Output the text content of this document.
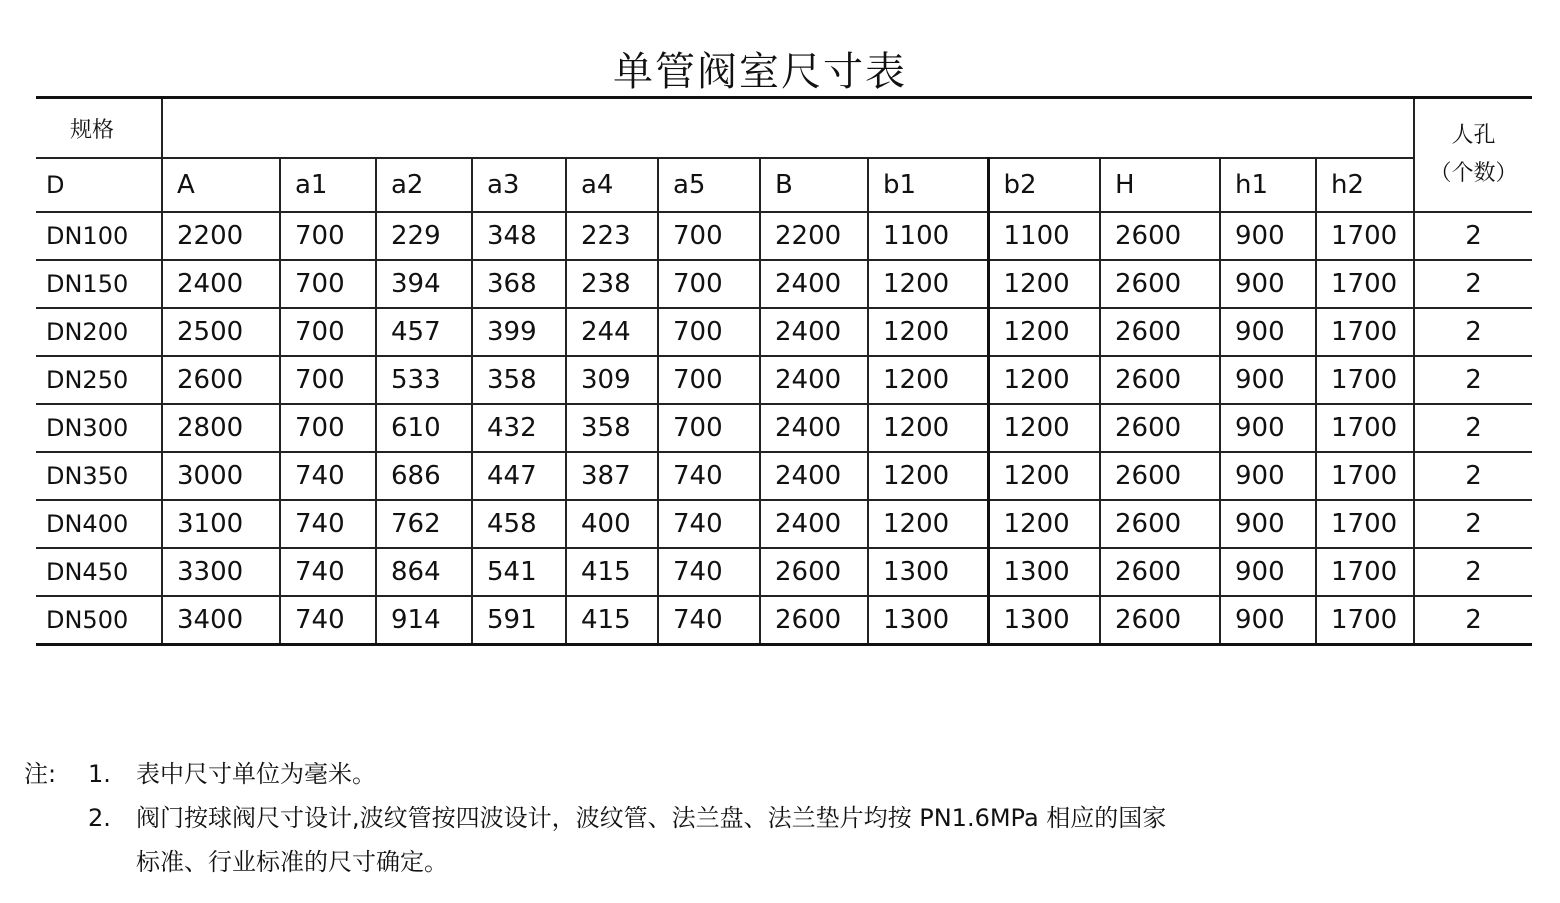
单管阀室尺寸表
规格													人孔
（个数）

D	A	a1	a2	a3	a4	a5	B	b1	b2	H	h1	h2	
DN100	2200	700	229	348	223	700	2200	1100	1100	2600	900	1700	2
DN150	2400	700	394	368	238	700	2400	1200	1200	2600	900	1700	2
DN200	2500	700	457	399	244	700	2400	1200	1200	2600	900	1700	2
DN250	2600	700	533	358	309	700	2400	1200	1200	2600	900	1700	2
DN300	2800	700	610	432	358	700	2400	1200	1200	2600	900	1700	2
DN350	3000	740	686	447	387	740	2400	1200	1200	2600	900	1700	2
DN400	3100	740	762	458	400	740	2400	1200	1200	2600	900	1700	2
DN450	3300	740	864	541	415	740	2600	1300	1300	2600	900	1700	2
DN500	3400	740	914	591	415	740	2600	1300	1300	2600	900	1700	2
注:	1.	表中尺寸单位为毫米。
2.	阀门按球阀尺寸设计,波纹管按四波设计，波纹管、法兰盘、法兰垫片均按 PN1.6MPa 相应的国家
标准、行业标准的尺寸确定。
